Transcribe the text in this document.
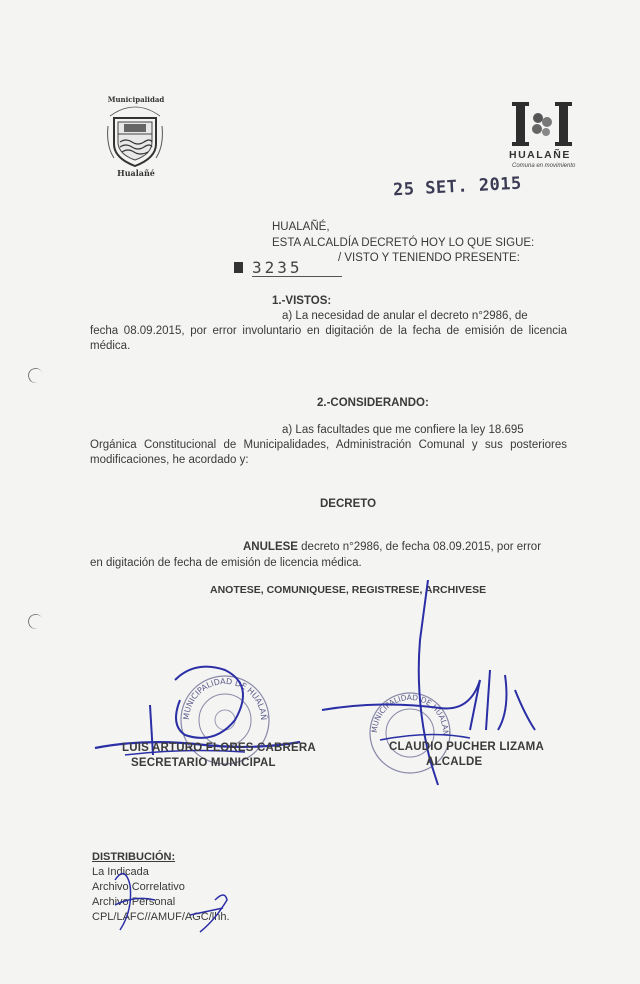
Municipalidad
Hualañé
HUALAÑE
Comuna en movimiento
25 SET. 2015
HUALAÑÉ,
ESTA ALCALDÍA DECRETÓ HOY LO QUE SIGUE:
3235	/ VISTO Y TENIENDO PRESENTE:
1.-VISTOS:
a) La necesidad de anular el decreto n°2986, de
fecha 08.09.2015, por error involuntario en digitación de la fecha de emisión de licencia médica.
2.-CONSIDERANDO:
a) Las facultades que me confiere la ley 18.695
Orgánica Constitucional de Municipalidades, Administración Comunal y sus posteriores modificaciones, he acordado y:
DECRETO
ANULESE decreto n°2986, de fecha 08.09.2015, por error
en digitación de fecha de emisión de licencia médica.
ANOTESE, COMUNIQUESE, REGISTRESE, ARCHIVESE
MUNICIPALIDAD DE HUALAÑ
LUIS ARTURO FLORES CABRERA
SECRETARIO MUNICIPAL
MUNICIPALIDAD DE HUALAÑ
CLAUDIO PUCHER LIZAMA
ALCALDE
DISTRIBUCIÓN:
La Indicada
Archivo Correlativo
Archivo Personal
CPL/LAFC//AMUF/AGC/lhh.
